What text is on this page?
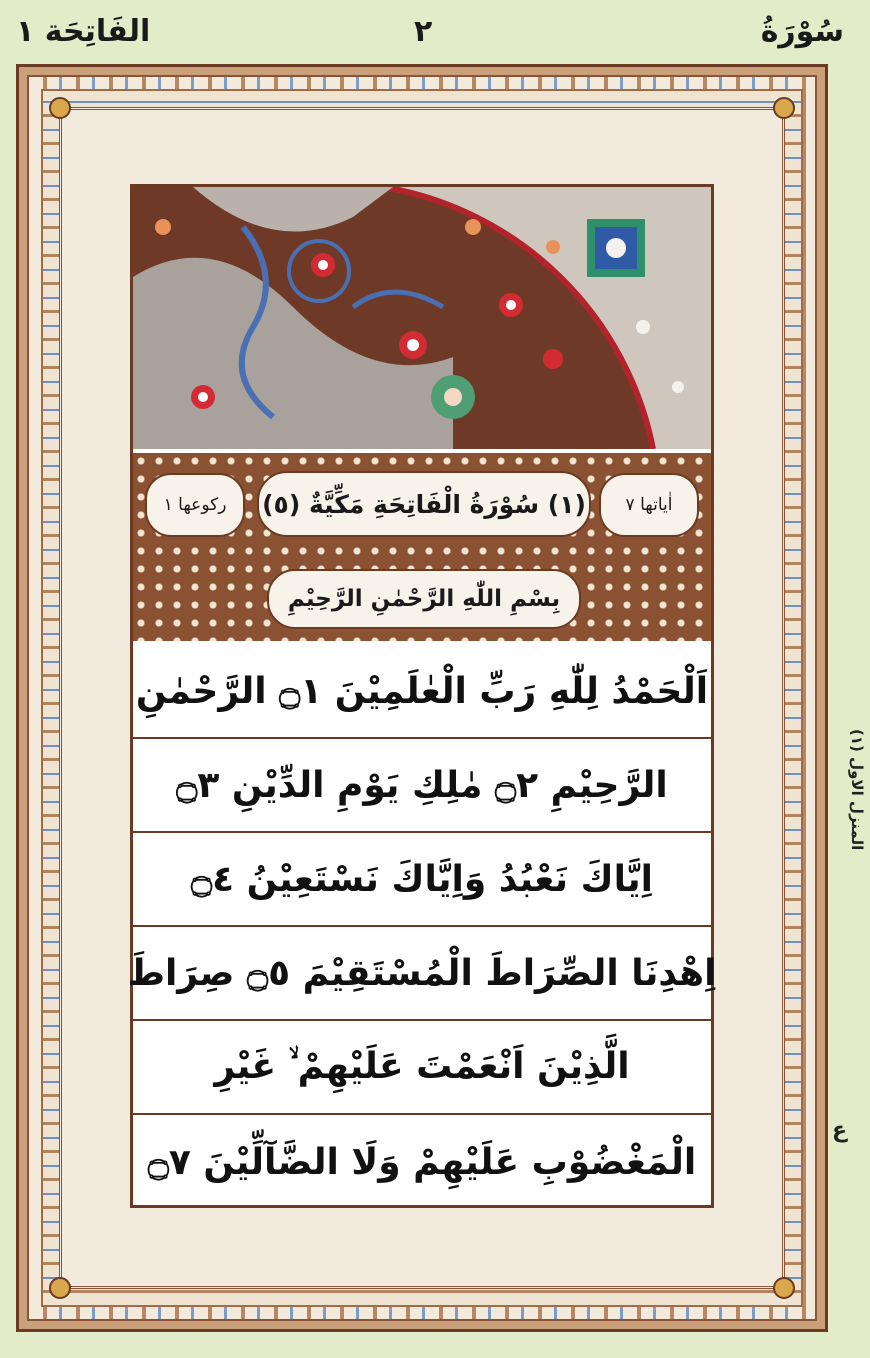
الفَاتِحَة ١	٢	سُوْرَةُ
رکوعها ١ (١) سُوْرَةُ الْفَاتِحَةِ مَكِّيَّةٌ (٥) اٰياتها ٧
بِسْمِ اللّٰهِ الرَّحْمٰنِ الرَّحِيْمِ
اَلْحَمْدُ لِلّٰهِ رَبِّ الْعٰلَمِيْنَ ۝١ الرَّحْمٰنِ
الرَّحِيْمِ ۝٢ مٰلِكِ يَوْمِ الدِّيْنِ ۝٣
اِيَّاكَ نَعْبُدُ وَاِيَّاكَ نَسْتَعِيْنُ ۝٤
اِهْدِنَا الصِّرَاطَ الْمُسْتَقِيْمَ ۝٥ صِرَاطَ
الَّذِيْنَ اَنْعَمْتَ عَلَيْهِمْ ۙ غَيْرِ
الْمَغْضُوْبِ عَلَيْهِمْ وَلَا الضَّآلِّيْنَ ۝٧
المنزل الاول (١)
ع
